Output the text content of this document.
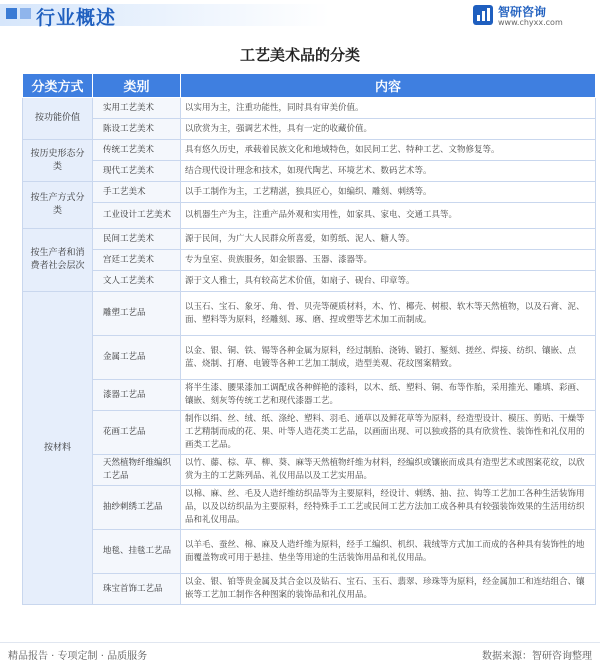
行业概述	智研咨询
www.chyxx.com
工艺美术品的分类
分类方式	类别	内容
按功能价值	实用工艺美术	以实用为主，注重功能性，同时具有审美价值。
	陈设工艺美术	以欣赏为主，强调艺术性，具有一定的收藏价值。
按历史形态分类	传统工艺美术	具有悠久历史，承载着民族文化和地域特色，如民间工艺、特种工艺、文物修复等。
	现代工艺美术	结合现代设计理念和技术，如现代陶艺、环境艺术、数码艺术等。
按生产方式分类	手工艺美术	以手工制作为主，工艺精湛，独具匠心，如编织、雕刻、刺绣等。
	工业设计工艺美术	以机器生产为主，注重产品外观和实用性，如家具、家电、交通工具等。
按生产者和消费者社会层次	民间工艺美术	源于民间，为广大人民群众所喜爱，如剪纸、泥人、糖人等。
	宫廷工艺美术	专为皇室、贵族服务，如金银器、玉器、漆器等。
	文人工艺美术	源于文人雅士，具有较高艺术价值，如扇子、砚台、印章等。
按材料	雕塑工艺品	以玉石、宝石、象牙、角、骨、贝壳等硬质材料，木、竹、椰壳、树根、软木等天然植物，以及石膏、泥、面、塑料等为原料，经雕刻、琢、磨、捏或塑等艺术加工而制成。
	金属工艺品	以金、银、铜、铁、锡等各种金属为原料，经过制胎、浇铸、锻打、錾刻、搓丝、焊接、纺织、镶嵌、点蓝、烧制、打磨、电镀等各种工艺加工制成，造型美观、花纹图案精致。
	漆器工艺品	将半生漆、腰果漆加工调配成各种鲜艳的漆料，以木、纸、塑料、铜、布等作胎，采用推光、雕填、彩画、镶嵌、刻灰等传统工艺和现代漆器工艺。
	花画工艺品	制作以绢、丝、绒、纸、涤纶、塑料、羽毛、通草以及鲜花草等为原料，经造型设计、模压、剪贴、干燥等工艺精制而成的花、果、叶等人造花类工艺品，以画面出现、可以独或搭的具有欣赏性、装饰性和礼仪用的画类工艺品。
	天然植物纤维编织工艺品	以竹、藤、棕、草、柳、葵、麻等天然植物纤维为材料，经编织或镶嵌而成具有造型艺术或图案花纹，以欣赏为主的工艺陈列品、礼仪用品以及工艺实用品。
	抽纱刺绣工艺品	以棉、麻、丝、毛及人造纤维纺织品等为主要原料，经设计、刺绣、抽、拉、钩等工艺加工各种生活装饰用品，以及以纺织品为主要原料，经特殊手工工艺或民间工艺方法加工成各种具有较强装饰效果的生活用纺织品和礼仪用品。
	地毯、挂毯工艺品	以羊毛、蚕丝、棉、麻及人造纤维为原料，经手工编织、机织、栽绒等方式加工而成的各种具有装饰性的地面覆盖物或可用于悬挂、垫坐等用途的生活装饰用品和礼仪用品。
	珠宝首饰工艺品	以金、银、铂等贵金属及其合金以及钻石、宝石、玉石、翡翠、珍珠等为原料，经金属加工和连结组合、镶嵌等工艺加工制作各种图案的装饰品和礼仪用品。
精品报告 · 专项定制 · 品质服务	数据来源：智研咨询整理
